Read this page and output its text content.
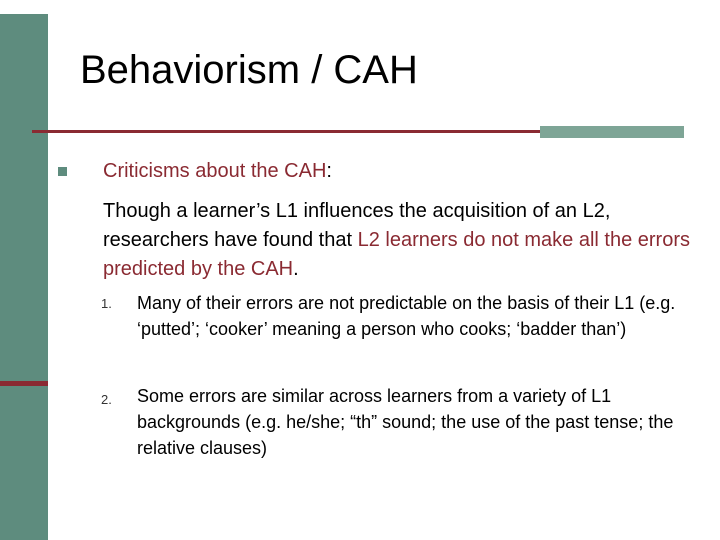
Behaviorism / CAH
Criticisms about the CAH:
Though a learner’s L1 influences the acquisition of an L2, researchers have found that L2 learners do not make all the errors predicted by the CAH.
1. Many of their errors are not predictable on the basis of their L1 (e.g. ‘putted’; ‘cooker’ meaning a person who cooks; ‘badder than’)
2. Some errors are similar across learners from a variety of L1 backgrounds (e.g. he/she; “th” sound; the use of the past tense; the relative clauses)
